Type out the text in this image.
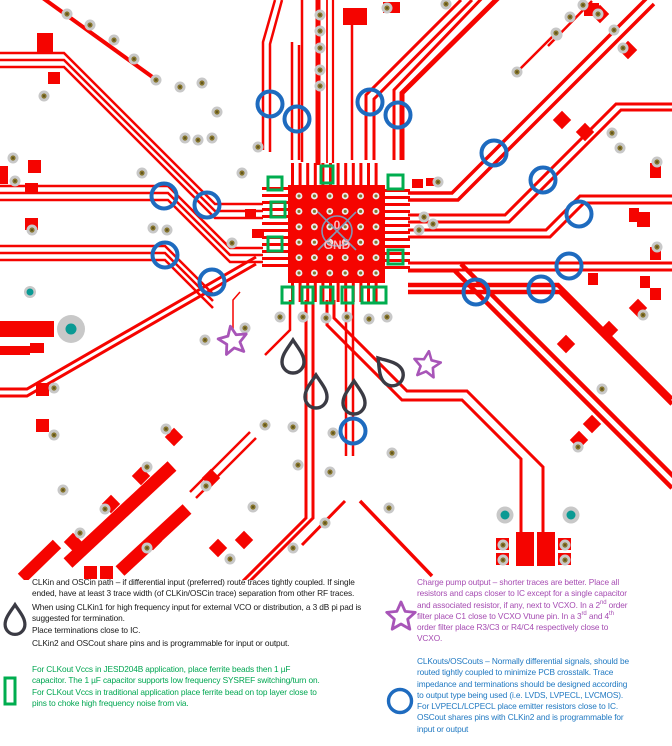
0
GND
CLKin and OSCin path – if differential input (preferred) route traces tightly coupled. If single
ended, have at least 3 trace width (of CLKin/OSCin trace) separation from other RF traces.
When using CLKin1 for high frequency input for external VCO or distribution, a 3 dB pi pad is
suggested for termination.
Place terminations close to IC.
CLKin2 and OSCout share pins and is programmable for input or output.
For CLKout Vccs in JESD204B application, place ferrite beads then 1 µF
capacitor. The 1 µF capacitor supports low frequency SYSREF switching/turn on.
For CLKout Vccs in traditional application place ferrite bead on top layer close to
pins to choke high frequency noise from via.
Charge pump output – shorter traces are better. Place all
resistors and caps closer to IC except for a single capacitor
and associated resistor, if any, next to VCXO. In a 2nd order
filter place C1 close to VCXO Vtune pin. In a 3rd and 4th
order filter place R3/C3 or R4/C4 respectively close to
VCXO.
CLKouts/OSCouts – Normally differential signals, should be
routed tightly coupled to minimize PCB crosstalk. Trace
impedance and terminations should be designed according
to output type being used (i.e. LVDS, LVPECL, LVCMOS).
For LVPECL/LCPECL place emitter resistors close to IC.
OSCout shares pins with CLKin2 and is programmable for
input or output
